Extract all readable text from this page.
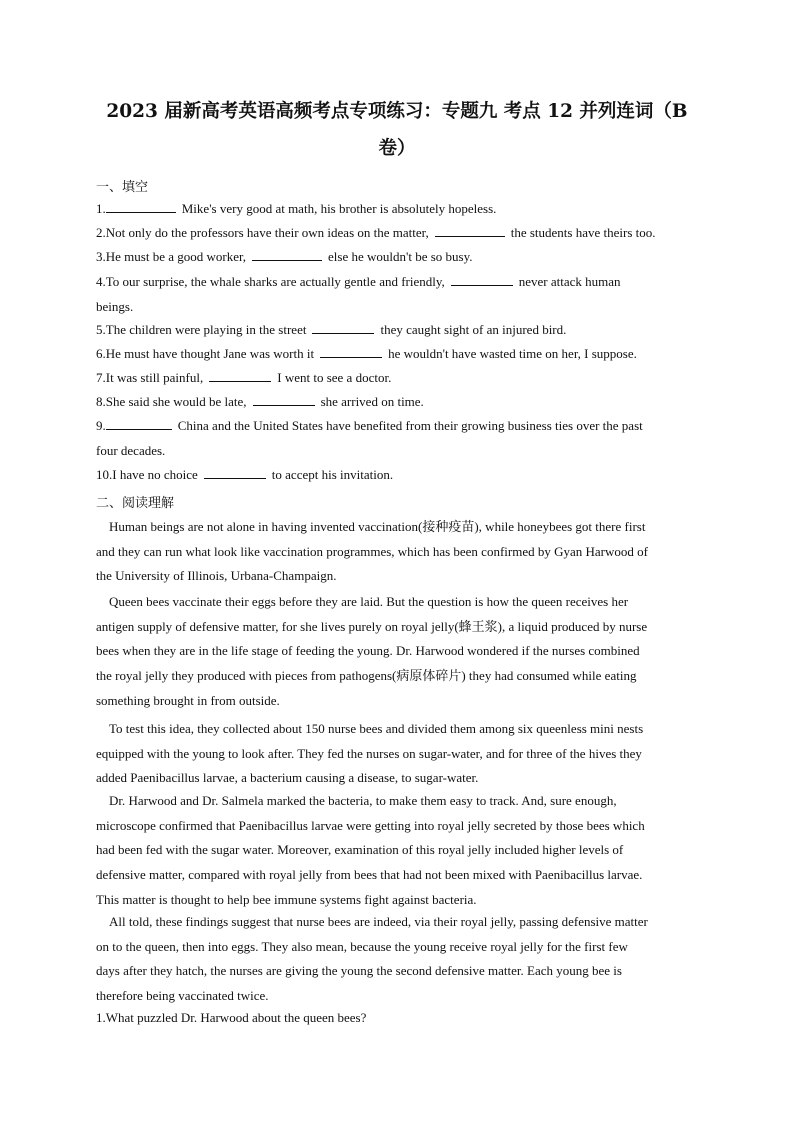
2023 届新高考英语高频考点专项练习：专题九 考点 12 并列连词（B
卷）
一、填空
1.	Mike's very good at math, his brother is absolutely hopeless.
2.Not only do the professors have their own ideas on the matter,	the students have theirs too.
3.He must be a good worker,	else he wouldn't be so busy.
4.To our surprise, the whale sharks are actually gentle and friendly,	never attack human
beings.
5.The children were playing in the street	they caught sight of an injured bird.
6.He must have thought Jane was worth it	he wouldn't have wasted time on her, I suppose.
7.It was still painful,	I went to see a doctor.
8.She said she would be late,	she arrived on time.
9.	China and the United States have benefited from their growing business ties over the past
four decades.
10.I have no choice	to accept his invitation.
二、阅读理解
Human beings are not alone in having invented vaccination(接种疫苗), while honeybees got there first
and they can run what look like vaccination programmes, which has been confirmed by Gyan Harwood of
the University of Illinois, Urbana-Champaign.
Queen bees vaccinate their eggs before they are laid. But the question is how the queen receives her
antigen supply of defensive matter, for she lives purely on royal jelly(蜂王浆), a liquid produced by nurse
bees when they are in the life stage of feeding the young. Dr. Harwood wondered if the nurses combined
the royal jelly they produced with pieces from pathogens(病原体碎片) they had consumed while eating
something brought in from outside.
To test this idea, they collected about 150 nurse bees and divided them among six queenless mini nests
equipped with the young to look after. They fed the nurses on sugar-water, and for three of the hives they
added Paenibacillus larvae, a bacterium causing a disease, to sugar-water.
Dr. Harwood and Dr. Salmela marked the bacteria, to make them easy to track. And, sure enough,
microscope confirmed that Paenibacillus larvae were getting into royal jelly secreted by those bees which
had been fed with the sugar water. Moreover, examination of this royal jelly included higher levels of
defensive matter, compared with royal jelly from bees that had not been mixed with Paenibacillus larvae.
This matter is thought to help bee immune systems fight against bacteria.
All told, these findings suggest that nurse bees are indeed, via their royal jelly, passing defensive matter
on to the queen, then into eggs. They also mean, because the young receive royal jelly for the first few
days after they hatch, the nurses are giving the young the second defensive matter. Each young bee is
therefore being vaccinated twice.
1.What puzzled Dr. Harwood about the queen bees?
